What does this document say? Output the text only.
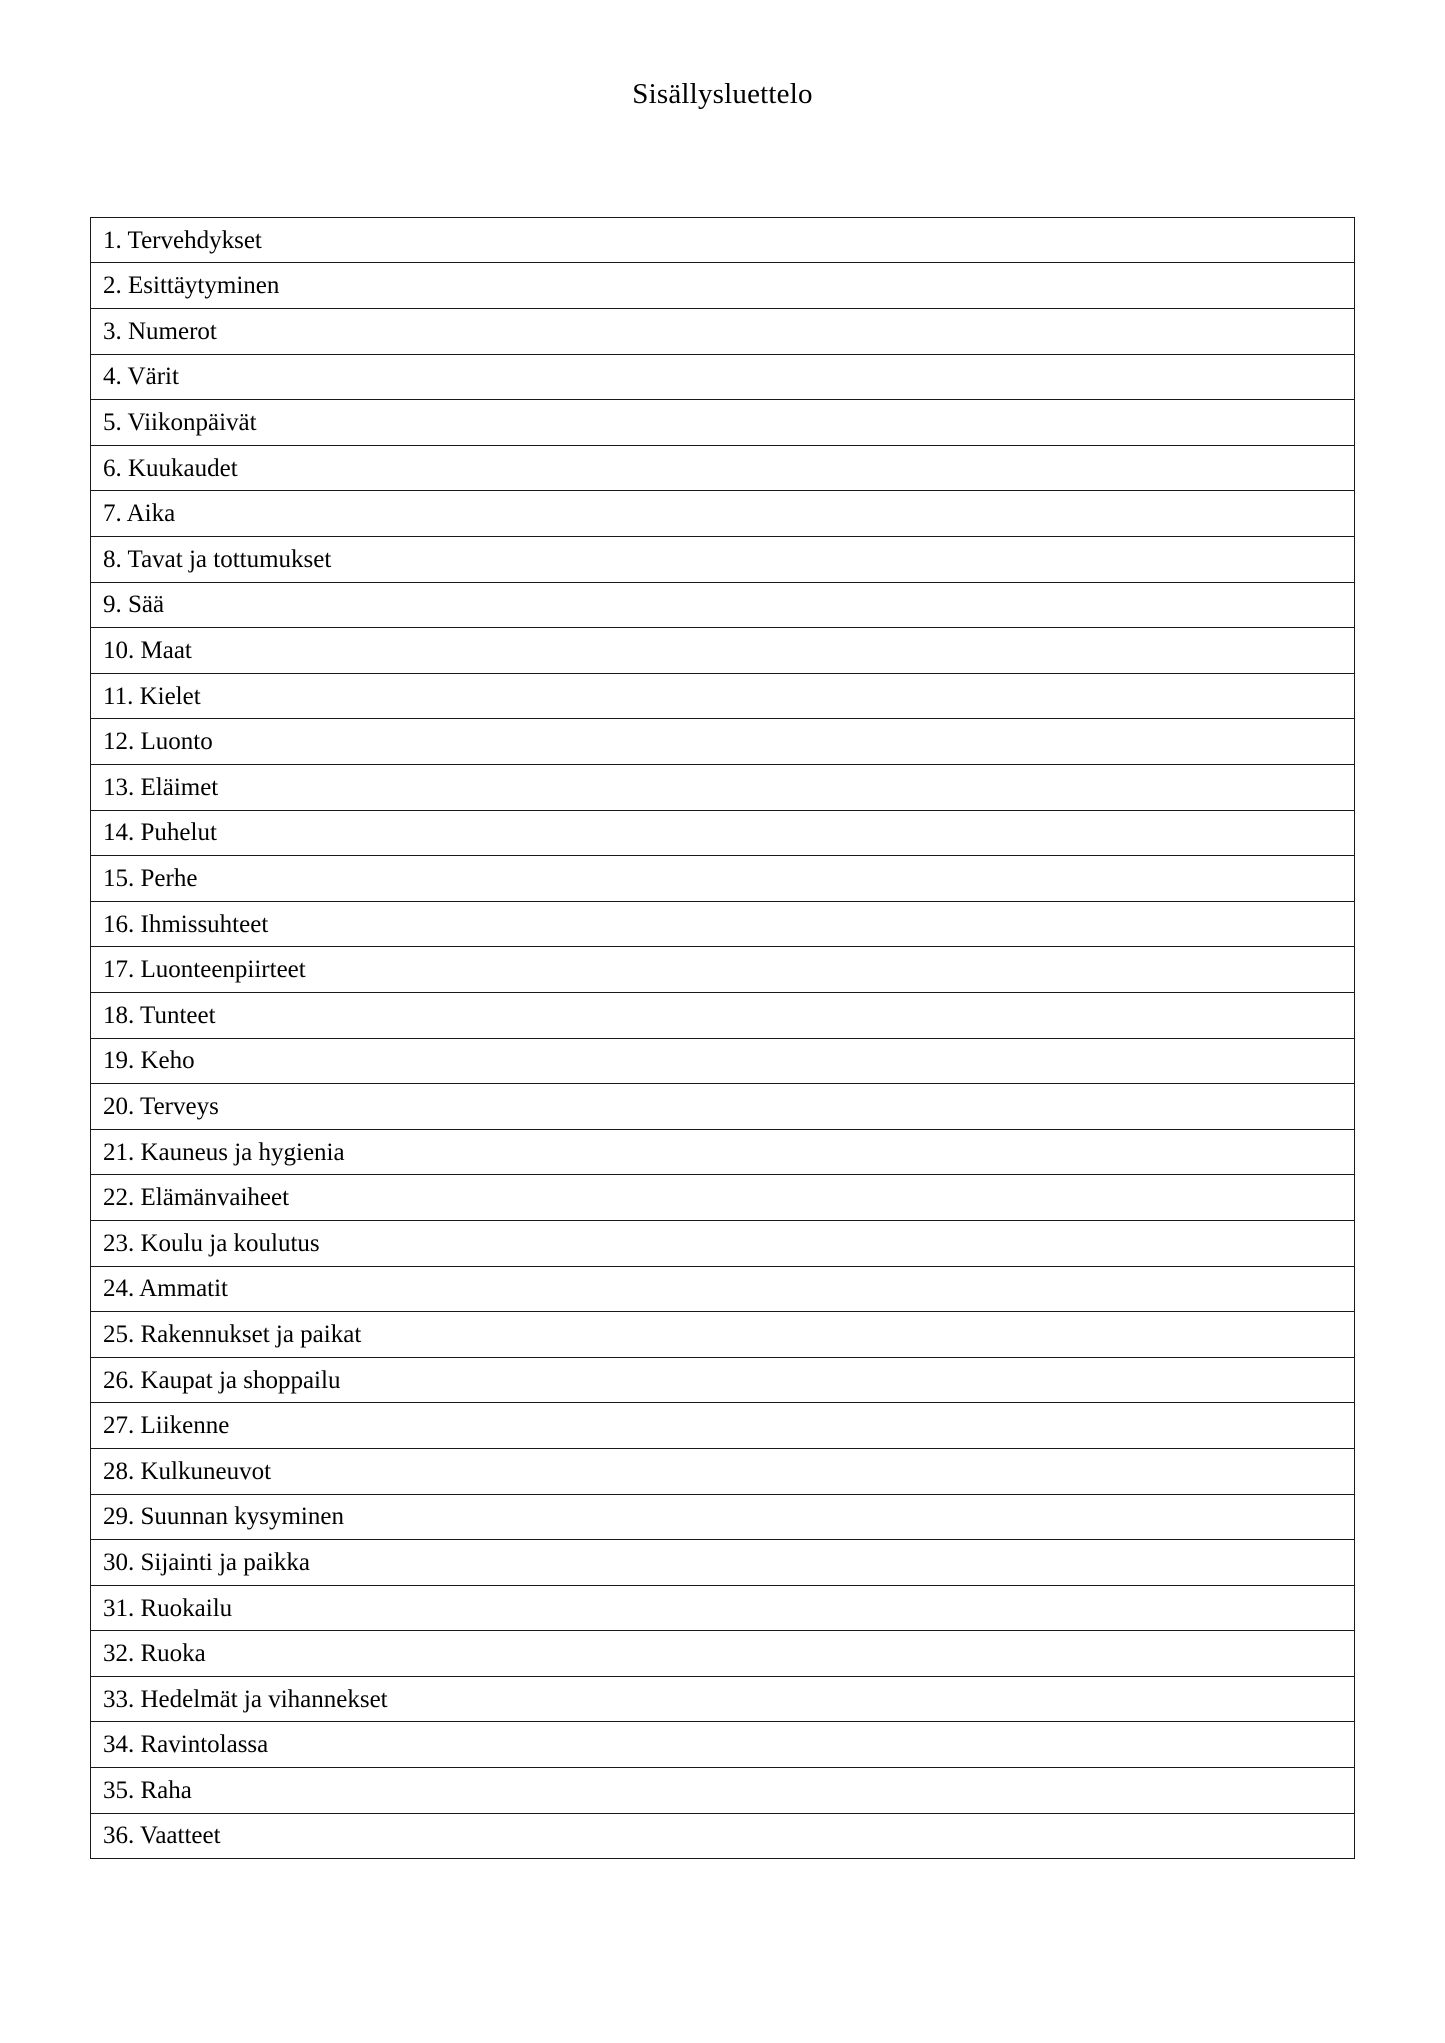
Sisällysluettelo
1. Tervehdykset
2. Esittäytyminen
3. Numerot
4. Värit
5. Viikonpäivät
6. Kuukaudet
7. Aika
8. Tavat ja tottumukset
9. Sää
10. Maat
11. Kielet
12. Luonto
13. Eläimet
14. Puhelut
15. Perhe
16. Ihmissuhteet
17. Luonteenpiirteet
18. Tunteet
19. Keho
20. Terveys
21. Kauneus ja hygienia
22. Elämänvaiheet
23. Koulu ja koulutus
24. Ammatit
25. Rakennukset ja paikat
26. Kaupat ja shoppailu
27. Liikenne
28. Kulkuneuvot
29. Suunnan kysyminen
30. Sijainti ja paikka
31. Ruokailu
32. Ruoka
33. Hedelmät ja vihannekset
34. Ravintolassa
35. Raha
36. Vaatteet
